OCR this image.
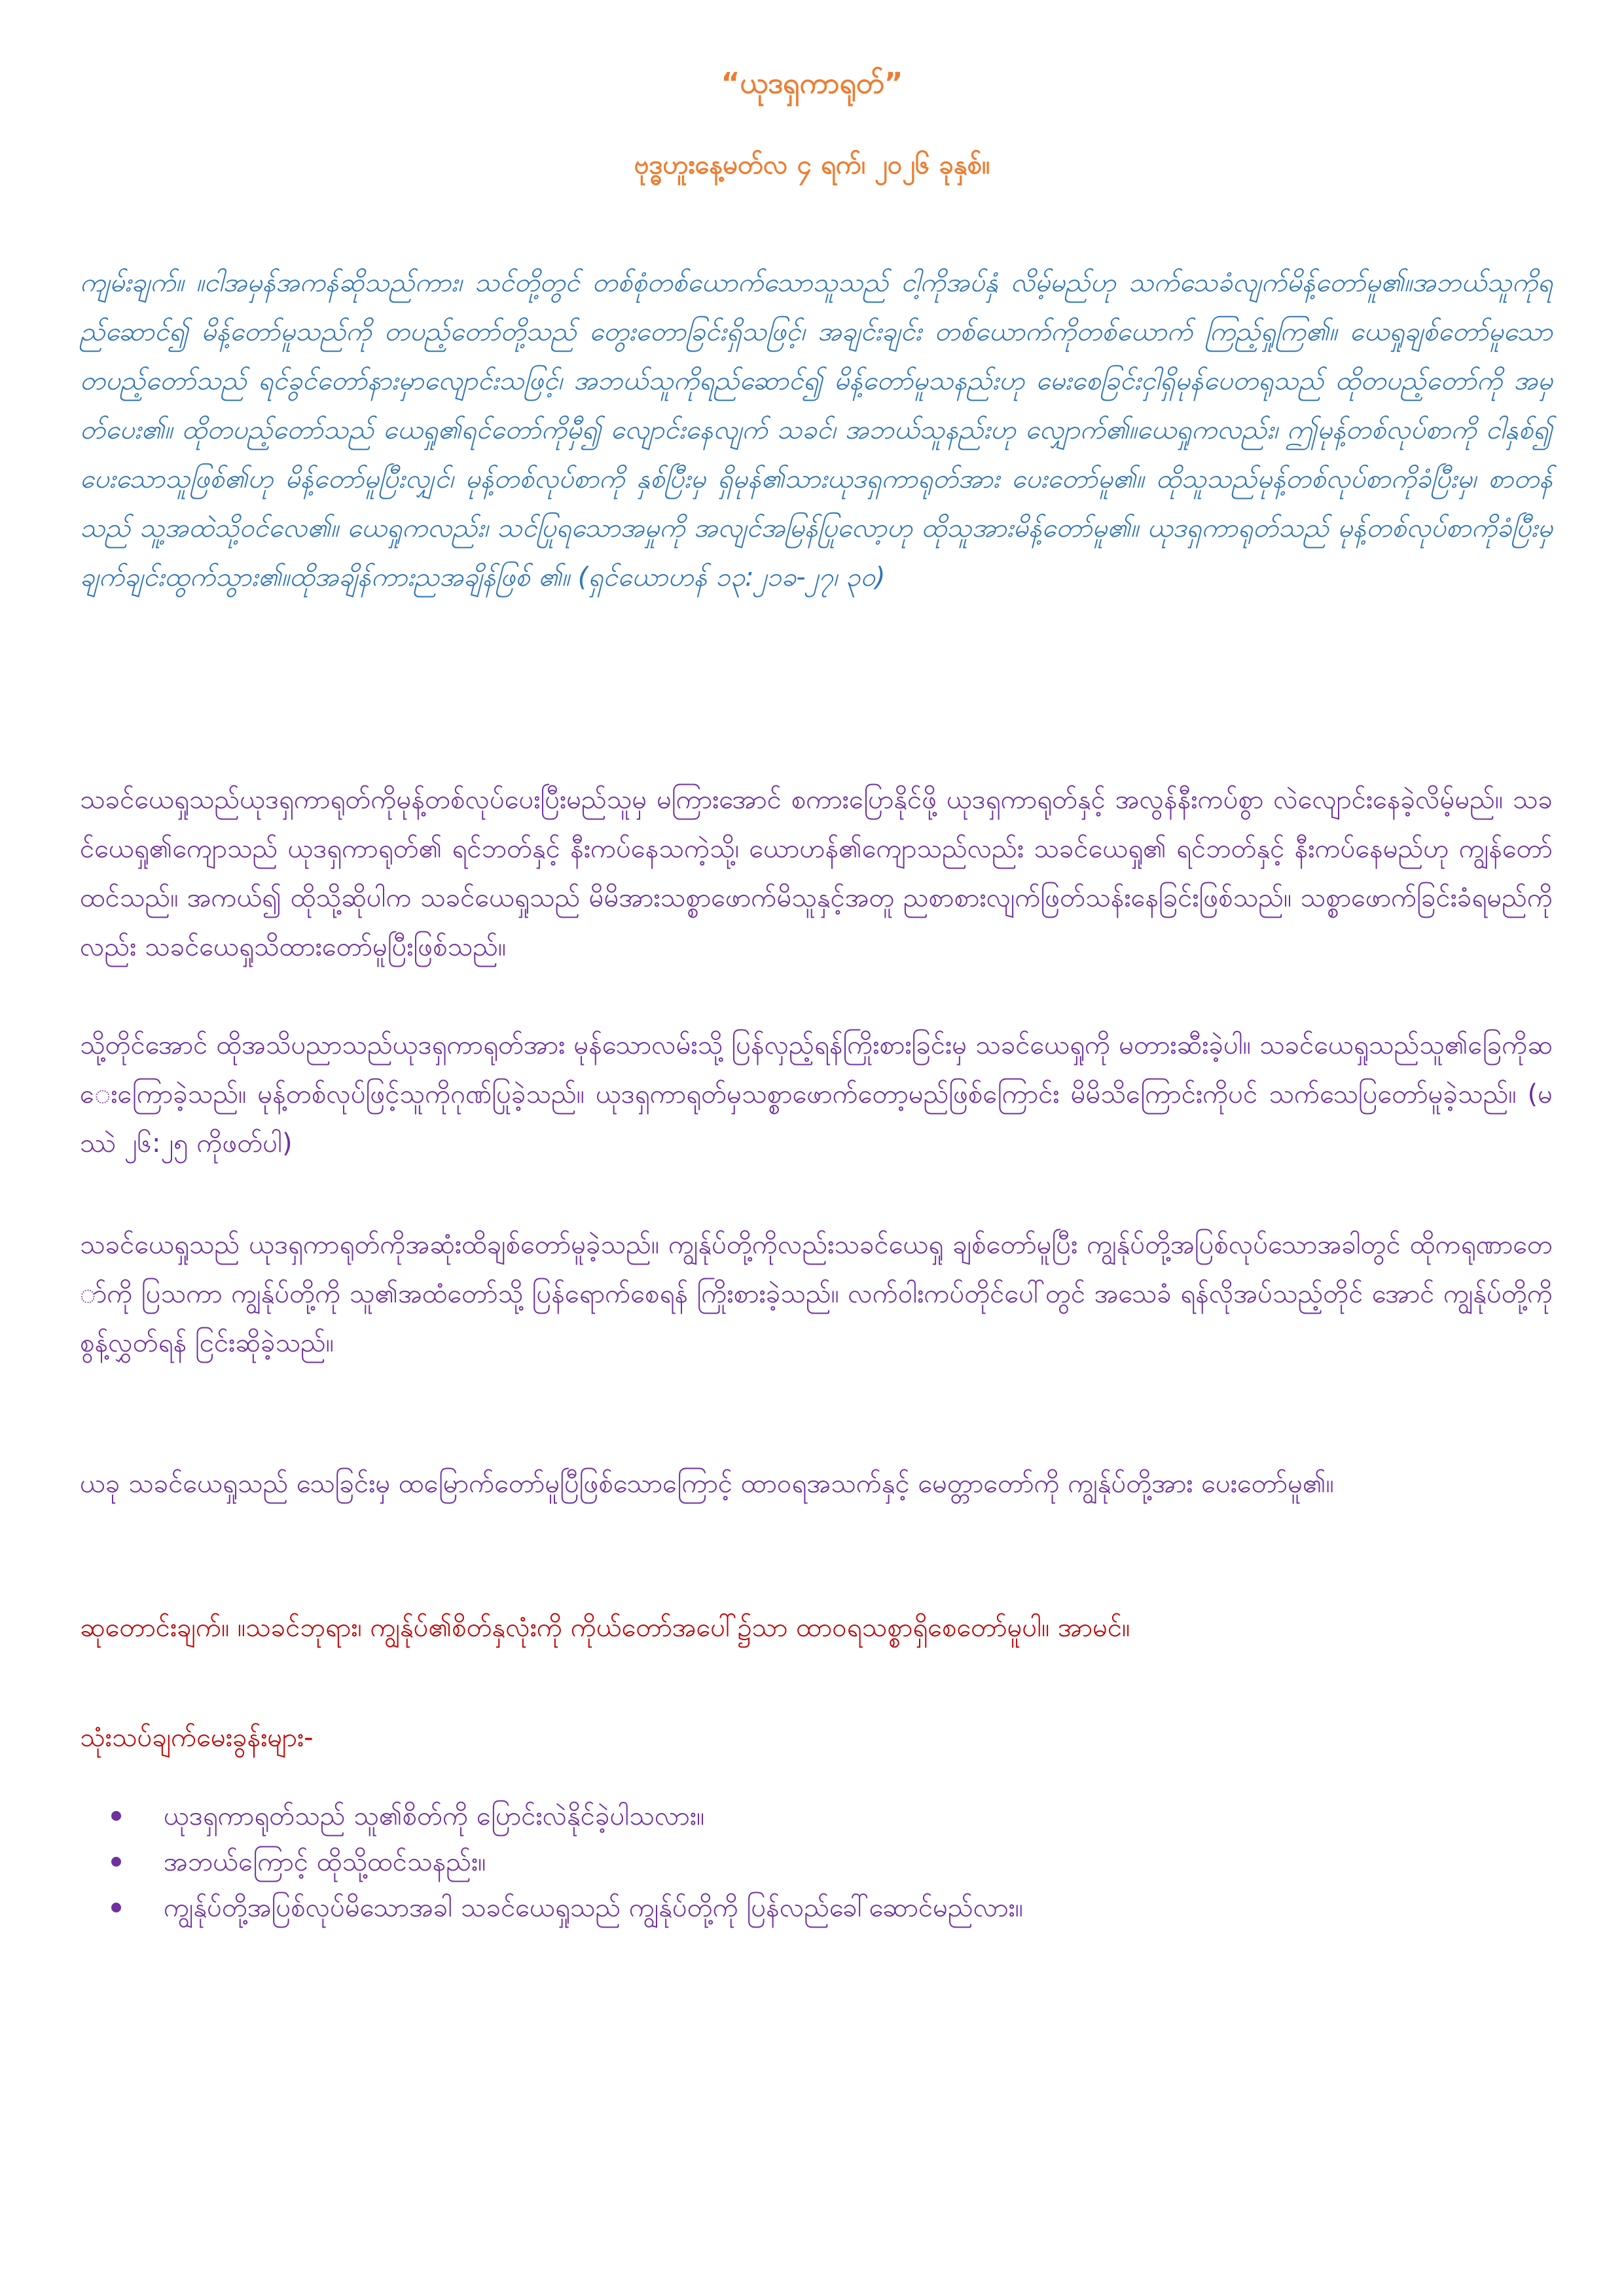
“ယုဒရှကာရုတ်”
ဗုဒ္ဓဟူးနေ့မတ်လ ၄ ရက်၊ ၂၀၂၆ ခုနှစ်။

ကျမ်းချက်။ ။ငါအမှန်အကန်ဆိုသည်ကား၊ သင်တို့တွင် တစ်စုံတစ်ယောက်သောသူသည် ငါ့ကိုအပ်နှံ လိမ့်မည်ဟု သက်သေခံလျက်မိန့်တော်မူ၏။အဘယ်သူကိုရည်ဆောင်၍ မိန့်တော်မူသည်ကို တပည့်တော်တို့သည် တွေးတောခြင်းရှိသဖြင့်၊ အချင်းချင်း တစ်ယောက်ကိုတစ်ယောက် ကြည့်ရှုကြ၏။ ယေရှုချစ်တော်မူသော တပည့်တော်သည် ရင်ခွင်တော်နားမှာလျောင်းသဖြင့်၊ အဘယ်သူကိုရည်ဆောင်၍ မိန့်တော်မူသနည်းဟု မေးစေခြင်းငှါရှိမုန်ပေတရုသည် ထိုတပည့်တော်ကို အမှတ်ပေး၏။ ထိုတပည့်တော်သည် ယေရှု၏ရင်တော်ကိုမှီ၍ လျောင်းနေလျက် သခင်၊ အဘယ်သူနည်းဟု လျှောက်၏။ယေရှုကလည်း၊ ဤမုန့်တစ်လုပ်စာကို ငါနှစ်၍ပေးသောသူဖြစ်၏ဟု မိန့်တော်မူပြီးလျှင်၊ မုန့်တစ်လုပ်စာကို နှစ်ပြီးမှ ရှိမုန်၏သားယုဒရှကာရုတ်အား ပေးတော်မူ၏။ ထိုသူသည်မုန့်တစ်လုပ်စာကိုခံပြီးမှ၊ စာတန်သည် သူ့အထဲသို့ဝင်လေ၏။ ယေရှုကလည်း၊ သင်ပြုရသောအမှုကို အလျင်အမြန်ပြုလော့ဟု ထိုသူအားမိန့်တော်မူ၏။ ယုဒရှကာရုတ်သည် မုန့်တစ်လုပ်စာကိုခံပြီးမှ ချက်ချင်းထွက်သွား၏။ထိုအချိန်ကားညအချိန်ဖြစ် ၏။ (ရှင်ယောဟန် ၁၃:၂၁ခ-၂၇၊ ၃၀)

သခင်ယေရှုသည်ယုဒရှကာရုတ်ကိုမုန့်တစ်လုပ်ပေးပြီးမည်သူမှ မကြားအောင် စကားပြောနိုင်ဖို့ ယုဒရှကာရုတ်နှင့် အလွန်နီးကပ်စွာ လဲလျောင်းနေခဲ့လိမ့်မည်။ သခင်ယေရှု၏ကျောသည် ယုဒရှကာရုတ်၏ ရင်ဘတ်နှင့် နီးကပ်နေသကဲ့သို့၊ ယောဟန်၏ကျောသည်လည်း သခင်ယေရှု၏ ရင်ဘတ်နှင့် နီးကပ်နေမည်ဟု ကျွန်တော်ထင်သည်။ အကယ်၍ ထိုသို့ဆိုပါက သခင်ယေရှုသည် မိမိအားသစ္စာဖောက်မိသူနှင့်အတူ ညစာစားလျက်ဖြတ်သန်းနေခြင်းဖြစ်သည်။ သစ္စာဖောက်ခြင်းခံရမည်ကိုလည်း သခင်ယေရှုသိထားတော်မူပြီးဖြစ်သည်။

သို့တိုင်အောင် ထိုအသိပညာသည်ယုဒရှကာရုတ်အား မုန်သောလမ်းသို့ ပြန်လှည့်ရန်ကြိုးစားခြင်းမှ သခင်ယေရှုကို မတားဆီးခဲ့ပါ။ သခင်ယေရှုသည်သူ၏ခြေကိုဆေးကြောခဲ့သည်။ မုန့်တစ်လုပ်ဖြင့်သူကိုဂုဏ်ပြုခဲ့သည်။ ယုဒရှကာရုတ်မှသစ္စာဖောက်တော့မည်ဖြစ်ကြောင်း မိမိသိကြောင်းကိုပင် သက်သေပြတော်မူခဲ့သည်။ (မဿဲ ၂၆:၂၅ ကိုဖတ်ပါ)

သခင်ယေရှုသည် ယုဒရှကာရုတ်ကိုအဆုံးထိချစ်တော်မူခဲ့သည်။ ကျွန်ုပ်တို့ကိုလည်းသခင်ယေရှု ချစ်တော်မူပြီး ကျွန်ုပ်တို့အပြစ်လုပ်သောအခါတွင် ထိုကရုဏာတော်ကို ပြသကာ ကျွန်ုပ်တို့ကို သူ၏အထံတော်သို့ ပြန်ရောက်စေရန် ကြိုးစားခဲ့သည်။ လက်ဝါးကပ်တိုင်ပေါ်တွင် အသေခံ ရန်လိုအပ်သည့်တိုင် အောင် ကျွန်ုပ်တို့ကို စွန့်လွှတ်ရန် ငြင်းဆိုခဲ့သည်။

ယခု သခင်ယေရှုသည် သေခြင်းမှ ထမြောက်တော်မူပြီဖြစ်သောကြောင့် ထာဝရအသက်နှင့် မေတ္တာတော်ကို ကျွန်ုပ်တို့အား ပေးတော်မူ၏။

ဆုတောင်းချက်။ ။သခင်ဘုရား၊ ကျွန်ုပ်၏စိတ်နှလုံးကို ကိုယ်တော်အပေါ်၌သာ ထာဝရသစ္စာရှိစေတော်မူပါ။ အာမင်။

သုံးသပ်ချက်မေးခွန်းများ-

ယုဒရှကာရုတ်သည် သူ၏စိတ်ကို ပြောင်းလဲနိုင်ခဲ့ပါသလား။
အဘယ်ကြောင့် ထိုသို့ထင်သနည်း။
ကျွန်ုပ်တို့အပြစ်လုပ်မိသောအခါ သခင်ယေရှုသည် ကျွန်ုပ်တို့ကို ပြန်လည်ခေါ်ဆောင်မည်လား။
